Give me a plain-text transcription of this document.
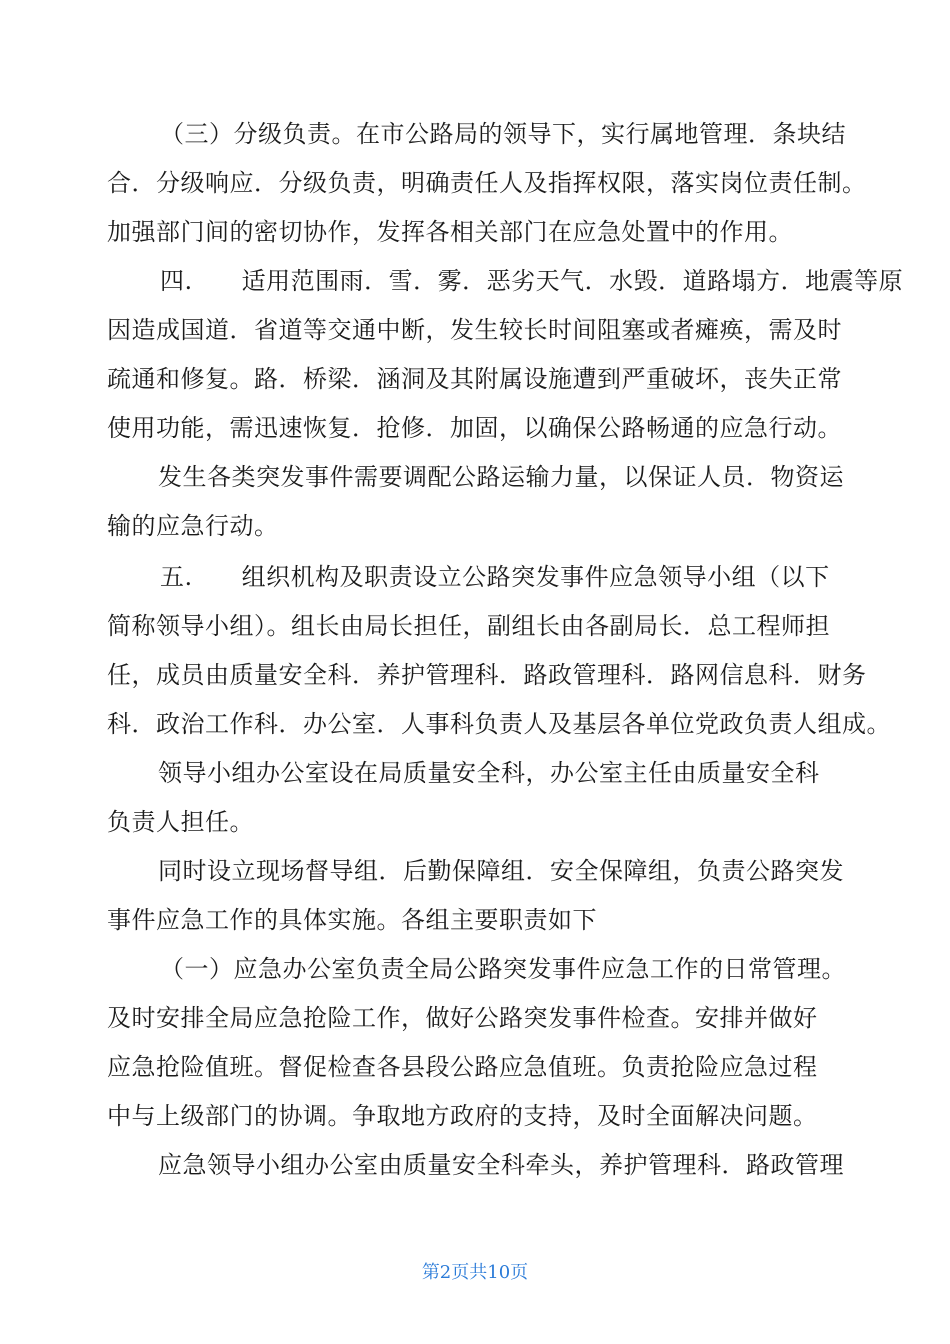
（三）分级负责。在市公路局的领导下，实行属地管理．条块结
合．分级响应．分级负责，明确责任人及指挥权限，落实岗位责任制。
加强部门间的密切协作，发挥各相关部门在应急处置中的作用。
四.　　适用范围雨．雪．雾．恶劣天气．水毁．道路塌方．地震等原
因造成国道．省道等交通中断，发生较长时间阻塞或者瘫痪，需及时
疏通和修复。路．桥梁．涵洞及其附属设施遭到严重破坏，丧失正常
使用功能，需迅速恢复．抢修．加固，以确保公路畅通的应急行动。
发生各类突发事件需要调配公路运输力量，以保证人员．物资运
输的应急行动。
五.　　组织机构及职责设立公路突发事件应急领导小组（以下
简称领导小组）。组长由局长担任，副组长由各副局长．总工程师担
任，成员由质量安全科．养护管理科．路政管理科．路网信息科．财务
科．政治工作科．办公室．人事科负责人及基层各单位党政负责人组成。
领导小组办公室设在局质量安全科，办公室主任由质量安全科
负责人担任。
同时设立现场督导组．后勤保障组．安全保障组，负责公路突发
事件应急工作的具体实施。各组主要职责如下
（一）应急办公室负责全局公路突发事件应急工作的日常管理。
及时安排全局应急抢险工作，做好公路突发事件检查。安排并做好
应急抢险值班。督促检查各县段公路应急值班。负责抢险应急过程
中与上级部门的协调。争取地方政府的支持，及时全面解决问题。
应急领导小组办公室由质量安全科牵头，养护管理科．路政管理
第2页共10页
